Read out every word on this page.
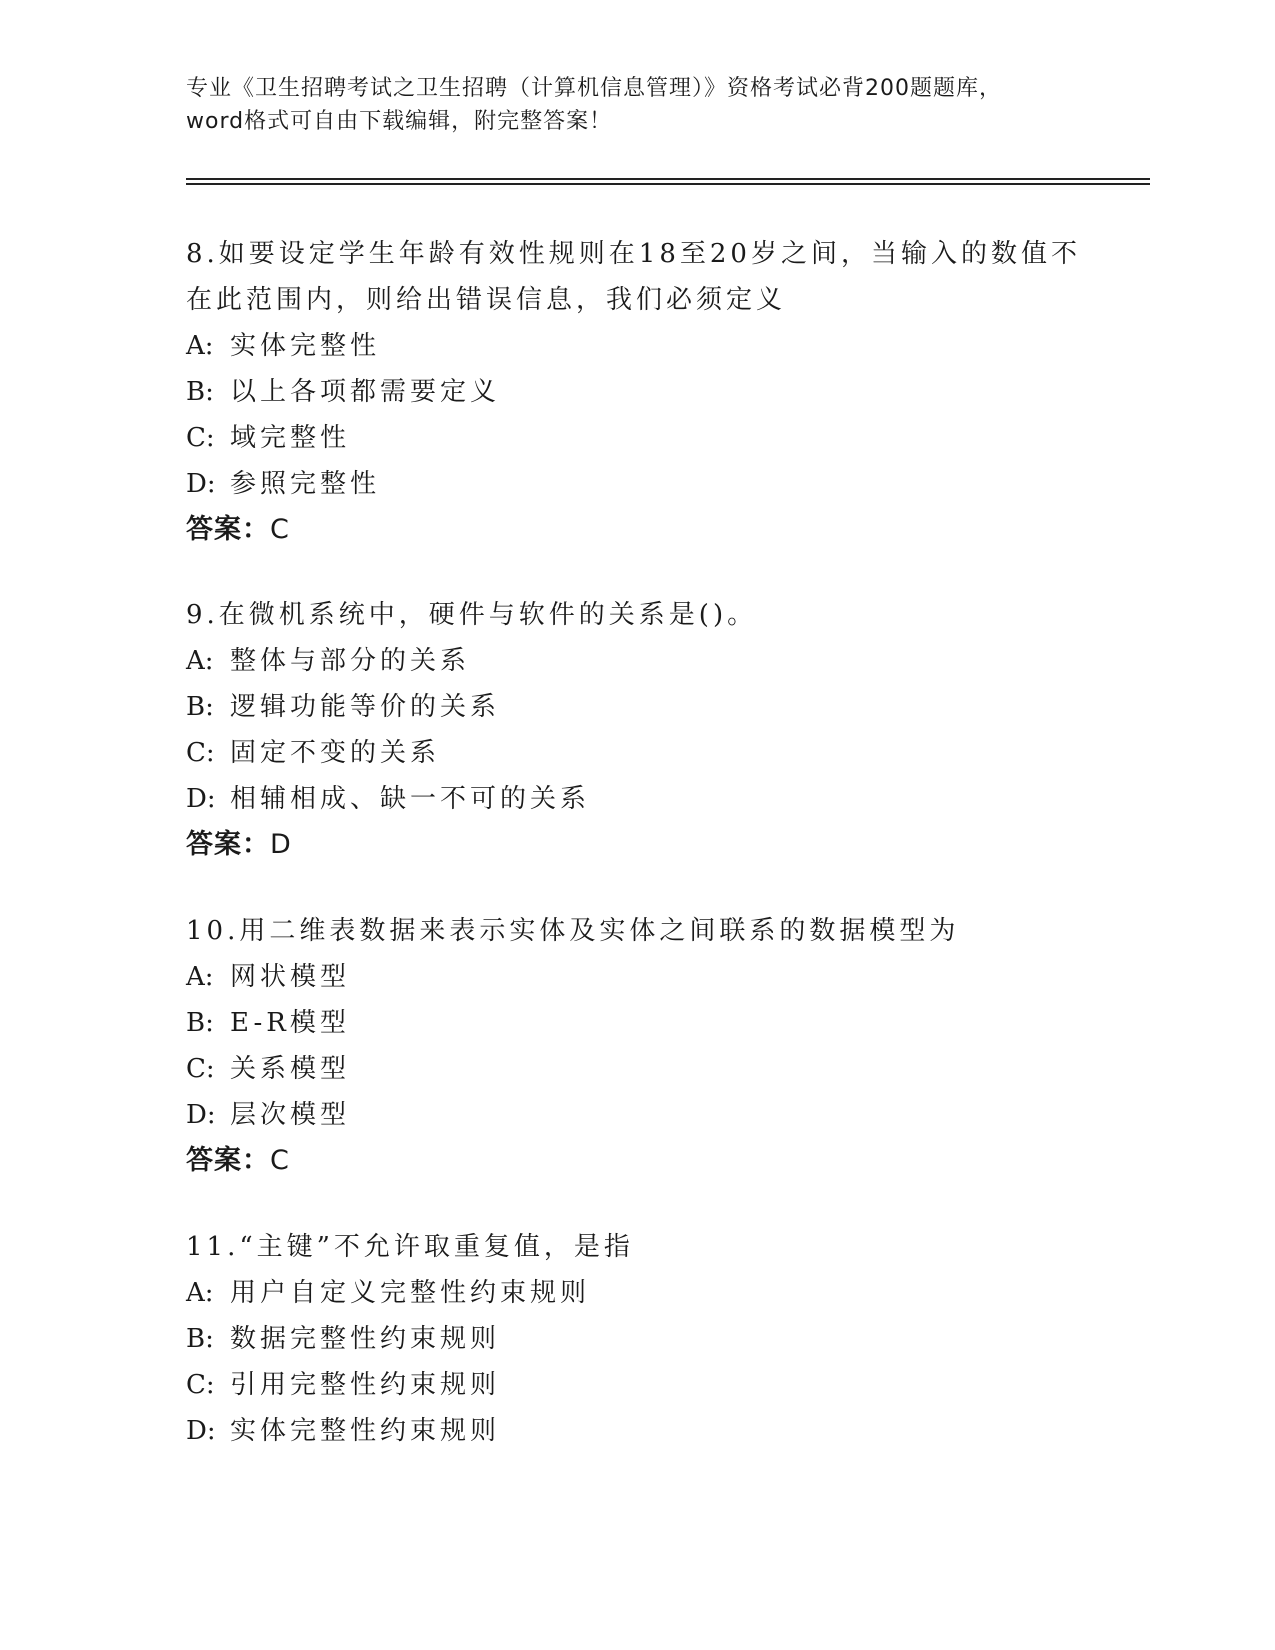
专业《卫生招聘考试之卫生招聘（计算机信息管理）》资格考试必背200题题库，
word格式可自由下载编辑，附完整答案！
8.如要设定学生年龄有效性规则在18至20岁之间，当输入的数值不
在此范围内，则给出错误信息，我们必须定义
A: 实体完整性
B: 以上各项都需要定义
C: 域完整性
D: 参照完整性
答案：C
9.在微机系统中，硬件与软件的关系是()。
A: 整体与部分的关系
B: 逻辑功能等价的关系
C: 固定不变的关系
D: 相辅相成、缺一不可的关系
答案：D
10.用二维表数据来表示实体及实体之间联系的数据模型为
A: 网状模型
B: E-R模型
C: 关系模型
D: 层次模型
答案：C
11.“主键”不允许取重复值，是指
A: 用户自定义完整性约束规则
B: 数据完整性约束规则
C: 引用完整性约束规则
D: 实体完整性约束规则
